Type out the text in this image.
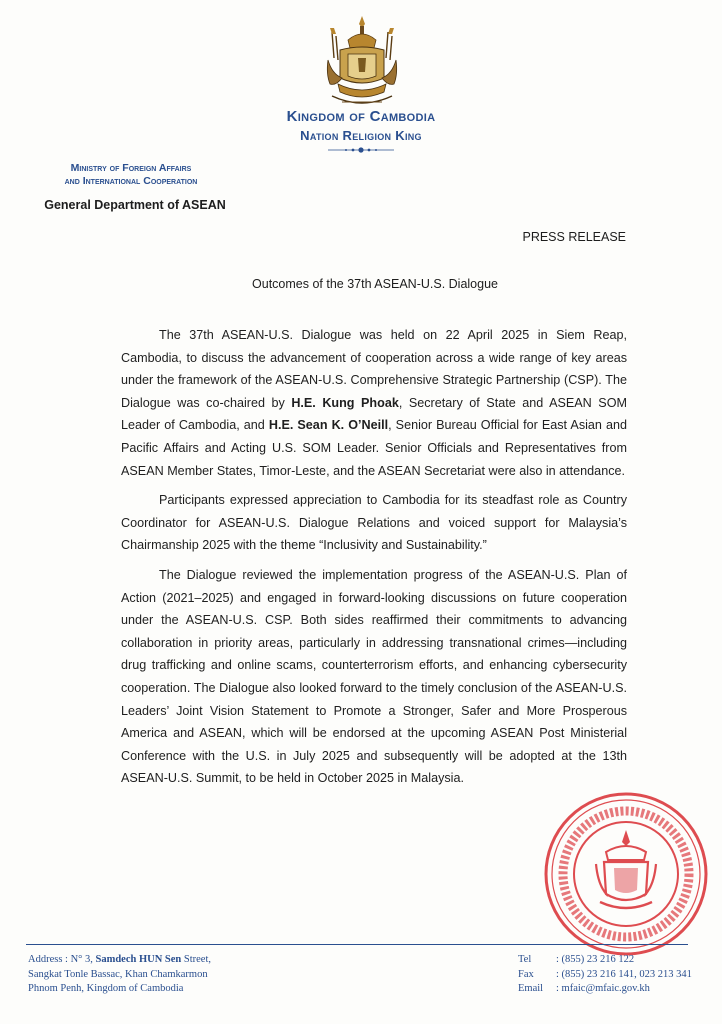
Kingdom of Cambodia
Nation Religion King
Ministry of Foreign Affairs
and International Cooperation
General Department of ASEAN
PRESS RELEASE
Outcomes of the 37th ASEAN-U.S. Dialogue

The 37th ASEAN-U.S. Dialogue was held on 22 April 2025 in Siem Reap, Cambodia, to discuss the advancement of cooperation across a wide range of key areas under the framework of the ASEAN-U.S. Comprehensive Strategic Partnership (CSP). The Dialogue was co-chaired by H.E. Kung Phoak, Secretary of State and ASEAN SOM Leader of Cambodia, and H.E. Sean K. O’Neill, Senior Bureau Official for East Asian and Pacific Affairs and Acting U.S. SOM Leader. Senior Officials and Representatives from ASEAN Member States, Timor-Leste, and the ASEAN Secretariat were also in attendance.

Participants expressed appreciation to Cambodia for its steadfast role as Country Coordinator for ASEAN-U.S. Dialogue Relations and voiced support for Malaysia’s Chairmanship 2025 with the theme “Inclusivity and Sustainability.”

The Dialogue reviewed the implementation progress of the ASEAN-U.S. Plan of Action (2021–2025) and engaged in forward-looking discussions on future cooperation under the ASEAN-U.S. CSP. Both sides reaffirmed their commitments to advancing collaboration in priority areas, particularly in addressing transnational crimes—including drug trafficking and online scams, counterterrorism efforts, and enhancing cybersecurity cooperation. The Dialogue also looked forward to the timely conclusion of the ASEAN-U.S. Leaders’ Joint Vision Statement to Promote a Stronger, Safer and More Prosperous America and ASEAN, which will be endorsed at the upcoming ASEAN Post Ministerial Conference with the U.S. in July 2025 and subsequently will be adopted at the 13th ASEAN-U.S. Summit, to be held in October 2025 in Malaysia.

Address : N° 3, Samdech HUN Sen Street,
Sangkat Tonle Bassac, Khan Chamkarmon
Phnom Penh, Kingdom of Cambodia
Tel : (855) 23 216 122
Fax : (855) 23 216 141, 023 213 341
Email : mfaic@mfaic.gov.kh
